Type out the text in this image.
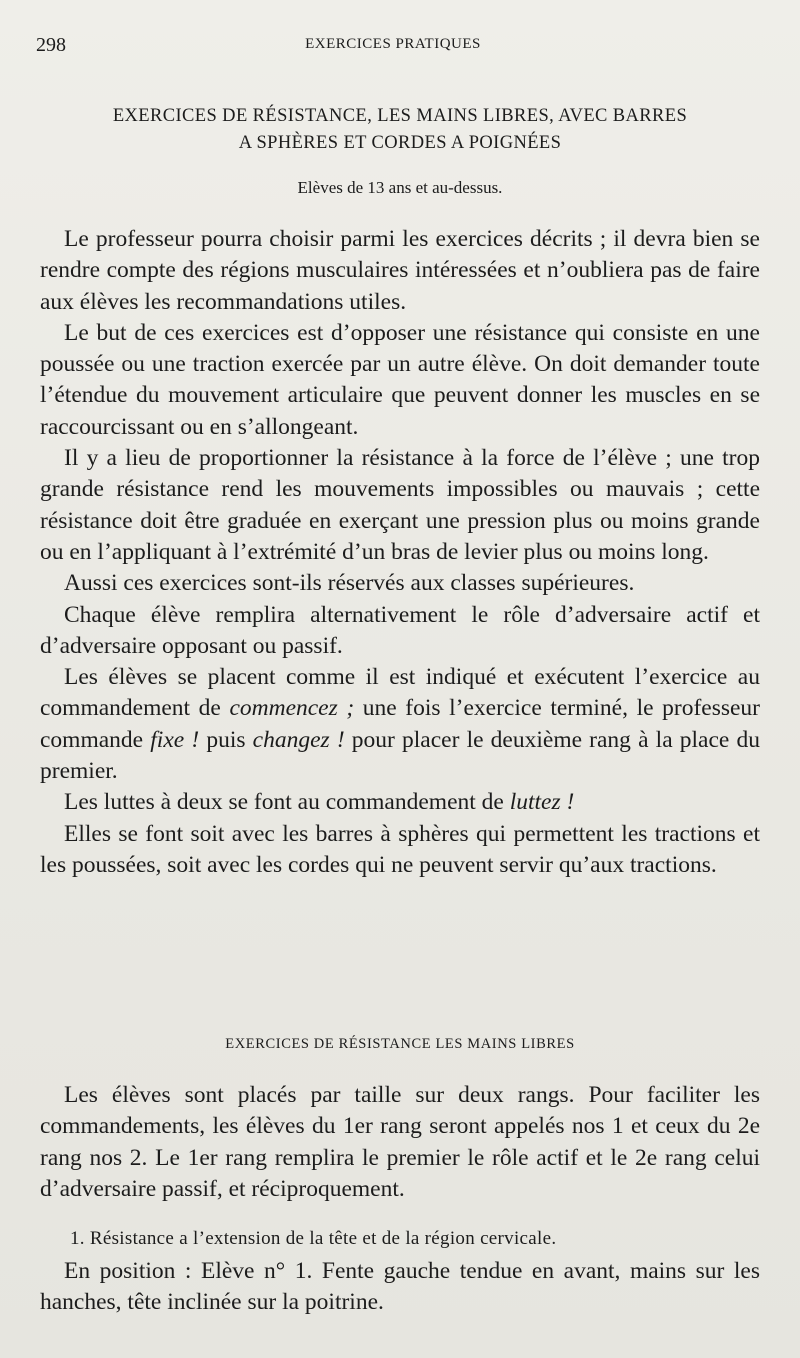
298	EXERCICES PRATIQUES
EXERCICES DE RÉSISTANCE, LES MAINS LIBRES, AVEC BARRES
A SPHÈRES ET CORDES A POIGNÉES
Elèves de 13 ans et au-dessus.

Le professeur pourra choisir parmi les exercices décrits ; il devra bien se rendre compte des régions musculaires intéressées et n’oubliera pas de faire aux élèves les recommandations utiles.

Le but de ces exercices est d’opposer une résistance qui consiste en une poussée ou une traction exercée par un autre élève. On doit demander toute l’étendue du mouvement articulaire que peuvent donner les muscles en se raccourcissant ou en s’allongeant.

Il y a lieu de proportionner la résistance à la force de l’élève ; une trop grande résistance rend les mouvements impossibles ou mauvais ; cette résistance doit être graduée en exerçant une pression plus ou moins grande ou en l’appliquant à l’extrémité d’un bras de levier plus ou moins long.

Aussi ces exercices sont-ils réservés aux classes supérieures.

Chaque élève remplira alternativement le rôle d’adversaire actif et d’adversaire opposant ou passif.

Les élèves se placent comme il est indiqué et exécutent l’exercice au commandement de commencez ; une fois l’exercice terminé, le professeur commande fixe ! puis changez ! pour placer le deuxième rang à la place du premier.

Les luttes à deux se font au commandement de luttez !

Elles se font soit avec les barres à sphères qui permettent les tractions et les poussées, soit avec les cordes qui ne peuvent servir qu’aux tractions.

EXERCICES DE RÉSISTANCE LES MAINS LIBRES

Les élèves sont placés par taille sur deux rangs. Pour faciliter les commandements, les élèves du 1er rang seront appelés nos 1 et ceux du 2e rang nos 2. Le 1er rang remplira le premier le rôle actif et le 2e rang celui d’adversaire passif, et réciproquement.

1. Résistance a l’extension de la tête et de la région cervicale.

En position : Elève n° 1. Fente gauche tendue en avant, mains sur les hanches, tête inclinée sur la poitrine.
